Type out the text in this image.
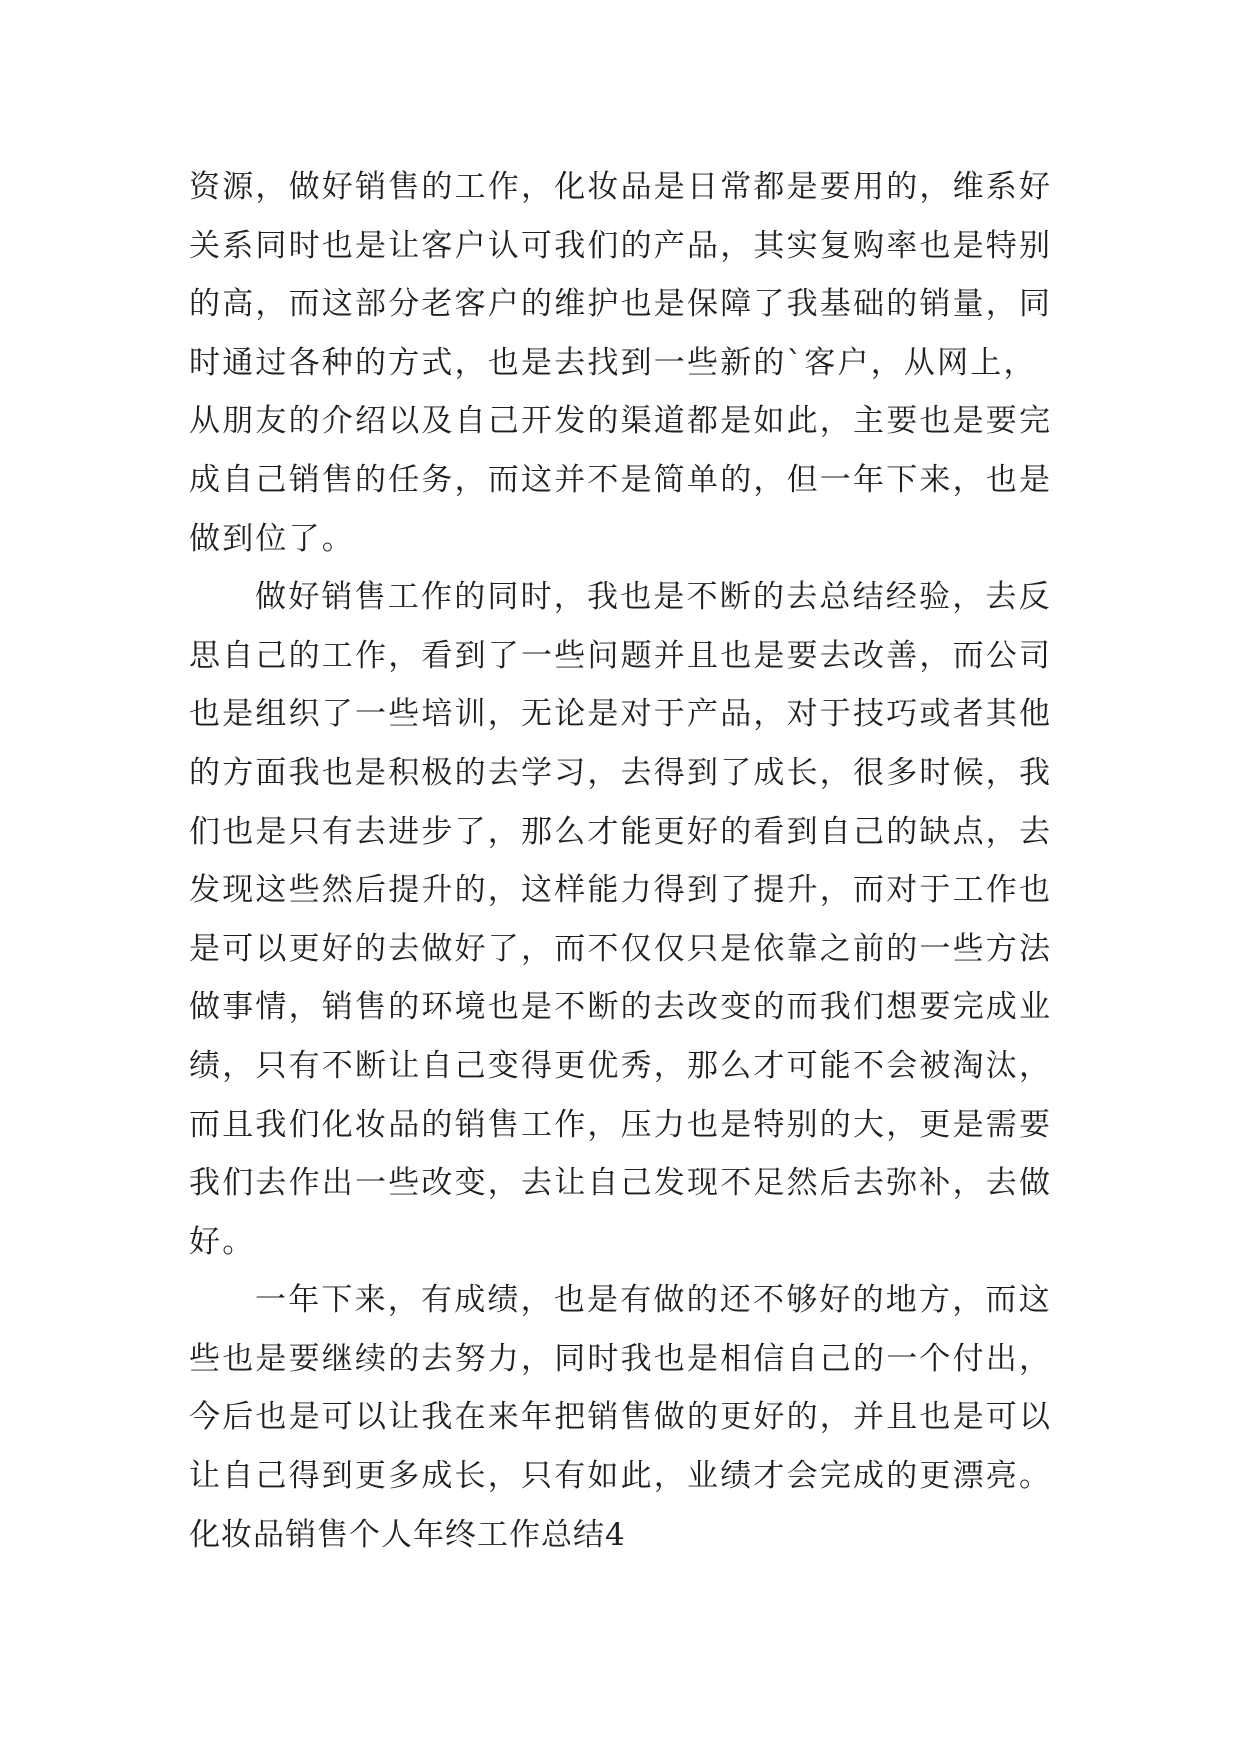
资源，做好销售的工作，化妆品是日常都是要用的，维系好
关系同时也是让客户认可我们的产品，其实复购率也是特别
的高，而这部分老客户的维护也是保障了我基础的销量，同
时通过各种的方式，也是去找到一些新的`客户，从网上，
从朋友的介绍以及自己开发的渠道都是如此，主要也是要完
成自己销售的任务，而这并不是简单的，但一年下来，也是
做到位了。
做好销售工作的同时，我也是不断的去总结经验，去反
思自己的工作，看到了一些问题并且也是要去改善，而公司
也是组织了一些培训，无论是对于产品，对于技巧或者其他
的方面我也是积极的去学习，去得到了成长，很多时候，我
们也是只有去进步了，那么才能更好的看到自己的缺点，去
发现这些然后提升的，这样能力得到了提升，而对于工作也
是可以更好的去做好了，而不仅仅只是依靠之前的一些方法
做事情，销售的环境也是不断的去改变的而我们想要完成业
绩，只有不断让自己变得更优秀，那么才可能不会被淘汰，
而且我们化妆品的销售工作，压力也是特别的大，更是需要
我们去作出一些改变，去让自己发现不足然后去弥补，去做
好。
一年下来，有成绩，也是有做的还不够好的地方，而这
些也是要继续的去努力，同时我也是相信自己的一个付出，
今后也是可以让我在来年把销售做的更好的，并且也是可以
让自己得到更多成长，只有如此，业绩才会完成的更漂亮。
化妆品销售个人年终工作总结4
